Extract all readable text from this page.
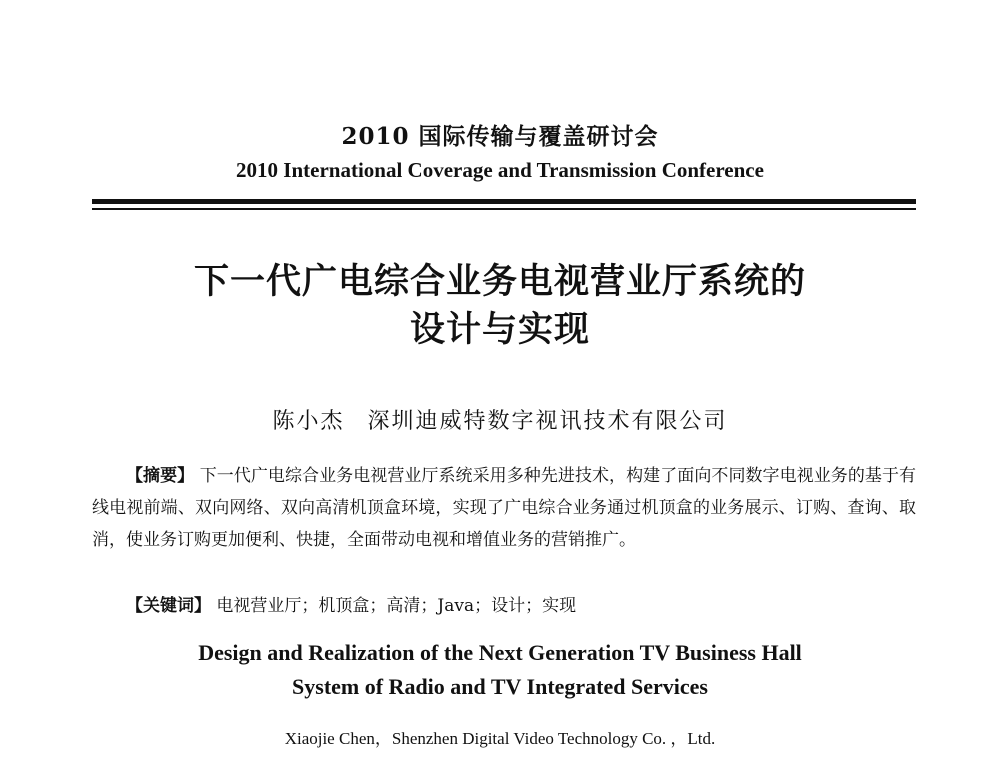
2010 国际传输与覆盖研讨会
2010 International Coverage and Transmission Conference
下一代广电综合业务电视营业厅系统的
设计与实现
陈小杰 深圳迪威特数字视讯技术有限公司
【摘要】 下一代广电综合业务电视营业厅系统采用多种先进技术，构建了面向不同数字电视业务的基于有线电视前端、双向网络、双向高清机顶盒环境，实现了广电综合业务通过机顶盒的业务展示、订购、查询、取消，使业务订购更加便利、快捷，全面带动电视和增值业务的营销推广。
【关键词】 电视营业厅；机顶盒；高清；Java；设计；实现
Design and Realization of the Next Generation TV Business Hall
System of Radio and TV Integrated Services
Xiaojie Chen，Shenzhen Digital Video Technology Co. ，Ltd.
